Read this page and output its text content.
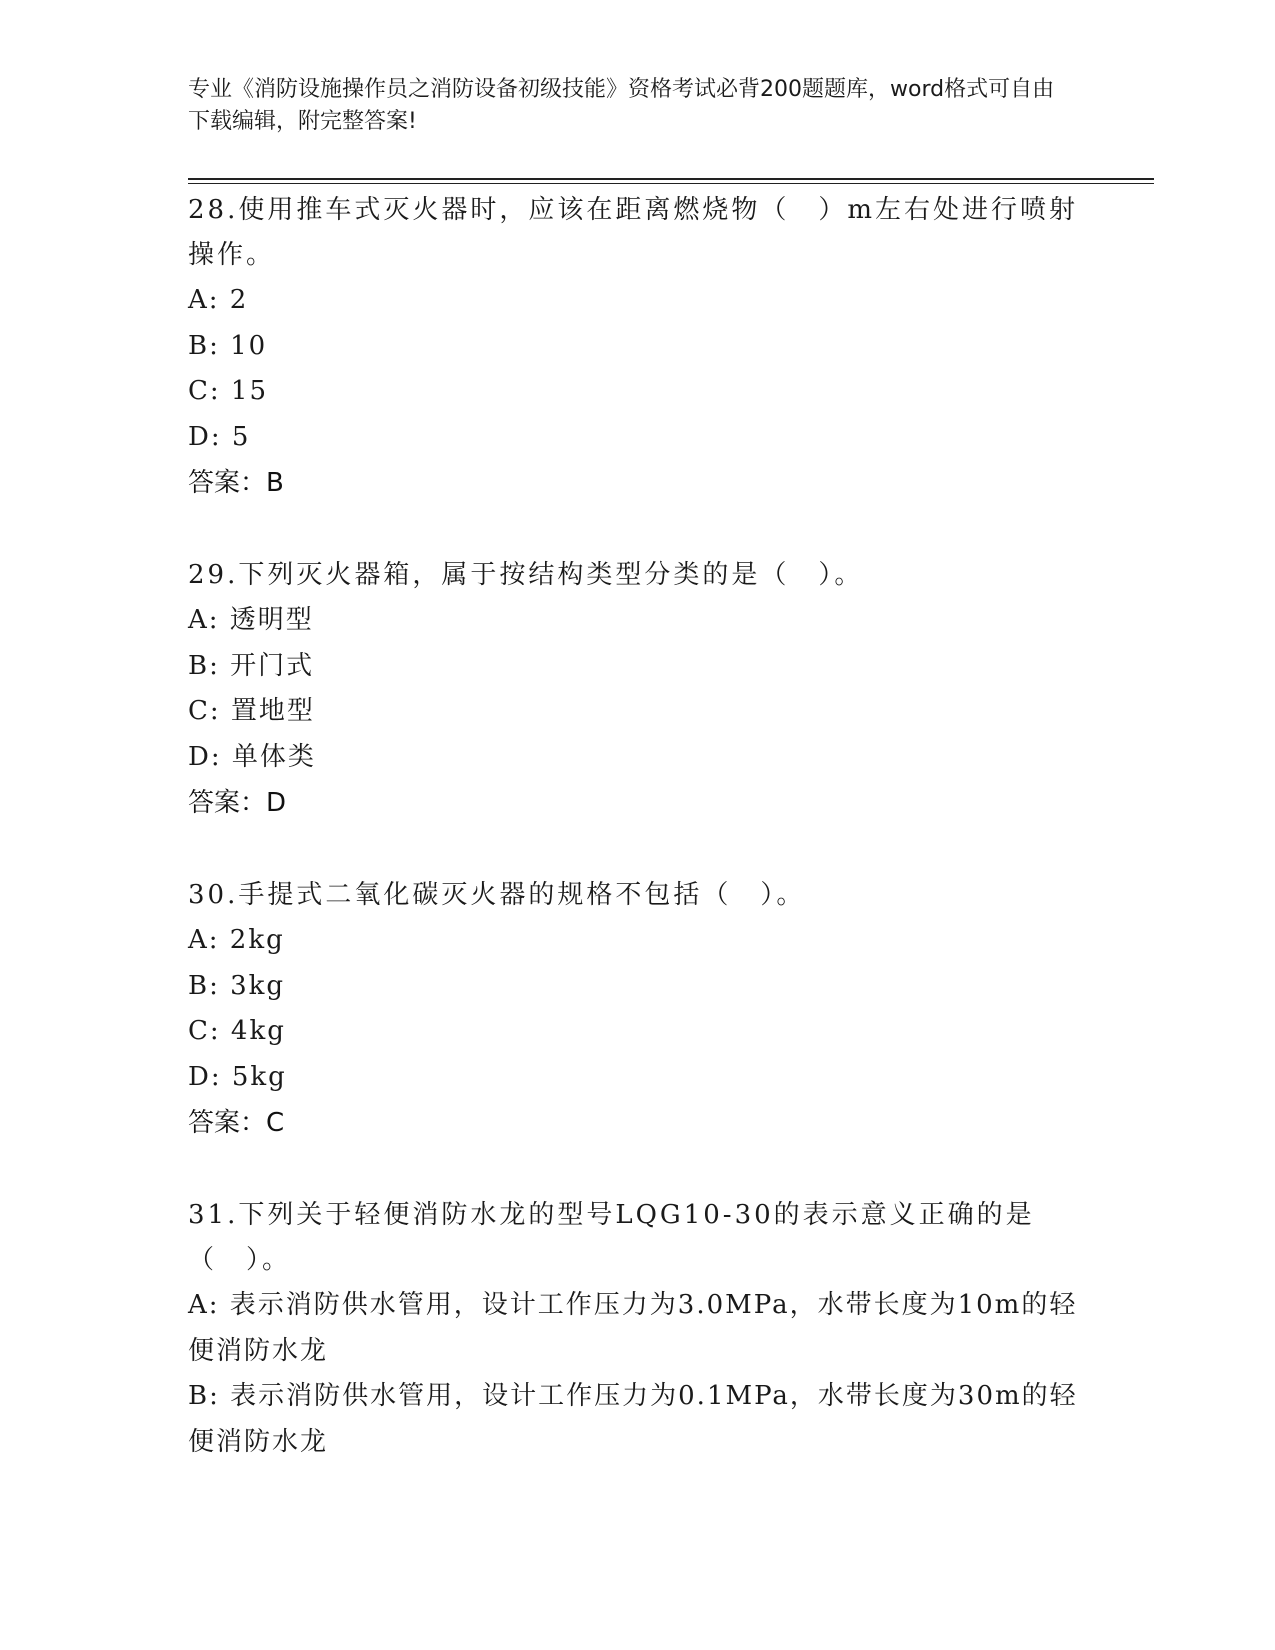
专业《消防设施操作员之消防设备初级技能》资格考试必背200题题库，word格式可自由下载编辑，附完整答案!
28.使用推车式灭火器时，应该在距离燃烧物（　）m左右处进行喷射操作。
A: 2
B: 10
C: 15
D: 5
答案：B
29.下列灭火器箱，属于按结构类型分类的是（　）。
A: 透明型
B: 开门式
C: 置地型
D: 单体类
答案：D
30.手提式二氧化碳灭火器的规格不包括（　）。
A: 2kg
B: 3kg
C: 4kg
D: 5kg
答案：C
31.下列关于轻便消防水龙的型号LQG10-30的表示意义正确的是（　）。
A: 表示消防供水管用，设计工作压力为3.0MPa，水带长度为10m的轻便消防水龙
B: 表示消防供水管用，设计工作压力为0.1MPa，水带长度为30m的轻便消防水龙
